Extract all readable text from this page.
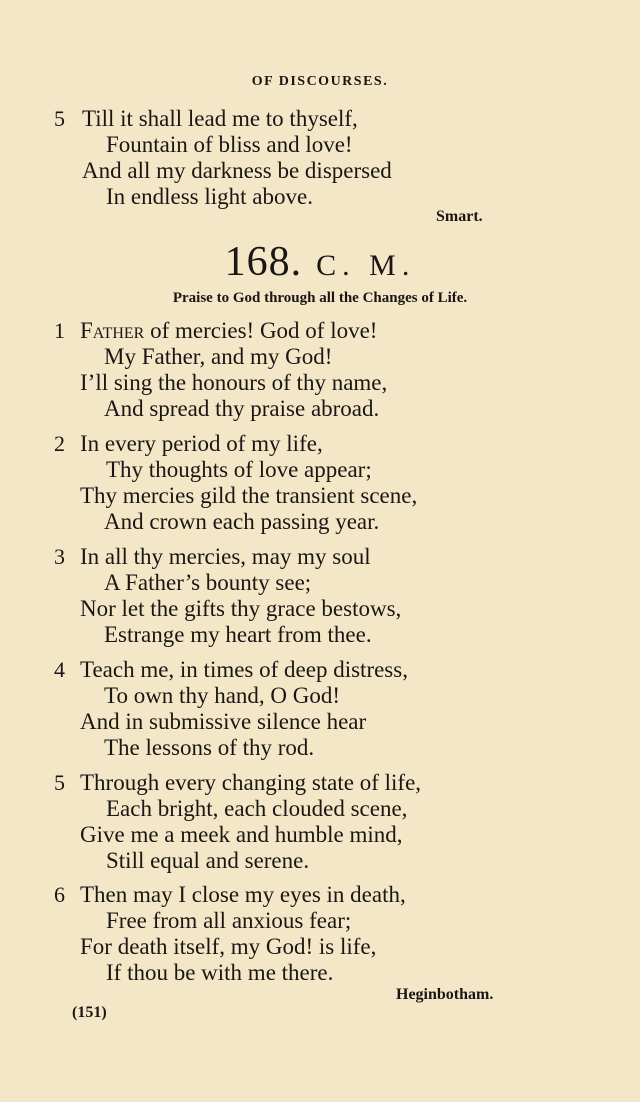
OF DISCOURSES.
5 Till it shall lead me to thyself,
Fountain of bliss and love!
And all my darkness be dispersed
In endless light above.
Smart.
168. C. M.
Praise to God through all the Changes of Life.
1 Father of mercies! God of love!
My Father, and my God!
I’ll sing the honours of thy name,
And spread thy praise abroad.
2 In every period of my life,
Thy thoughts of love appear;
Thy mercies gild the transient scene,
And crown each passing year.
3 In all thy mercies, may my soul
A Father’s bounty see;
Nor let the gifts thy grace bestows,
Estrange my heart from thee.
4 Teach me, in times of deep distress,
To own thy hand, O God!
And in submissive silence hear
The lessons of thy rod.
5 Through every changing state of life,
Each bright, each clouded scene,
Give me a meek and humble mind,
Still equal and serene.
6 Then may I close my eyes in death,
Free from all anxious fear;
For death itself, my God! is life,
If thou be with me there.
Heginbotham.
(151)
